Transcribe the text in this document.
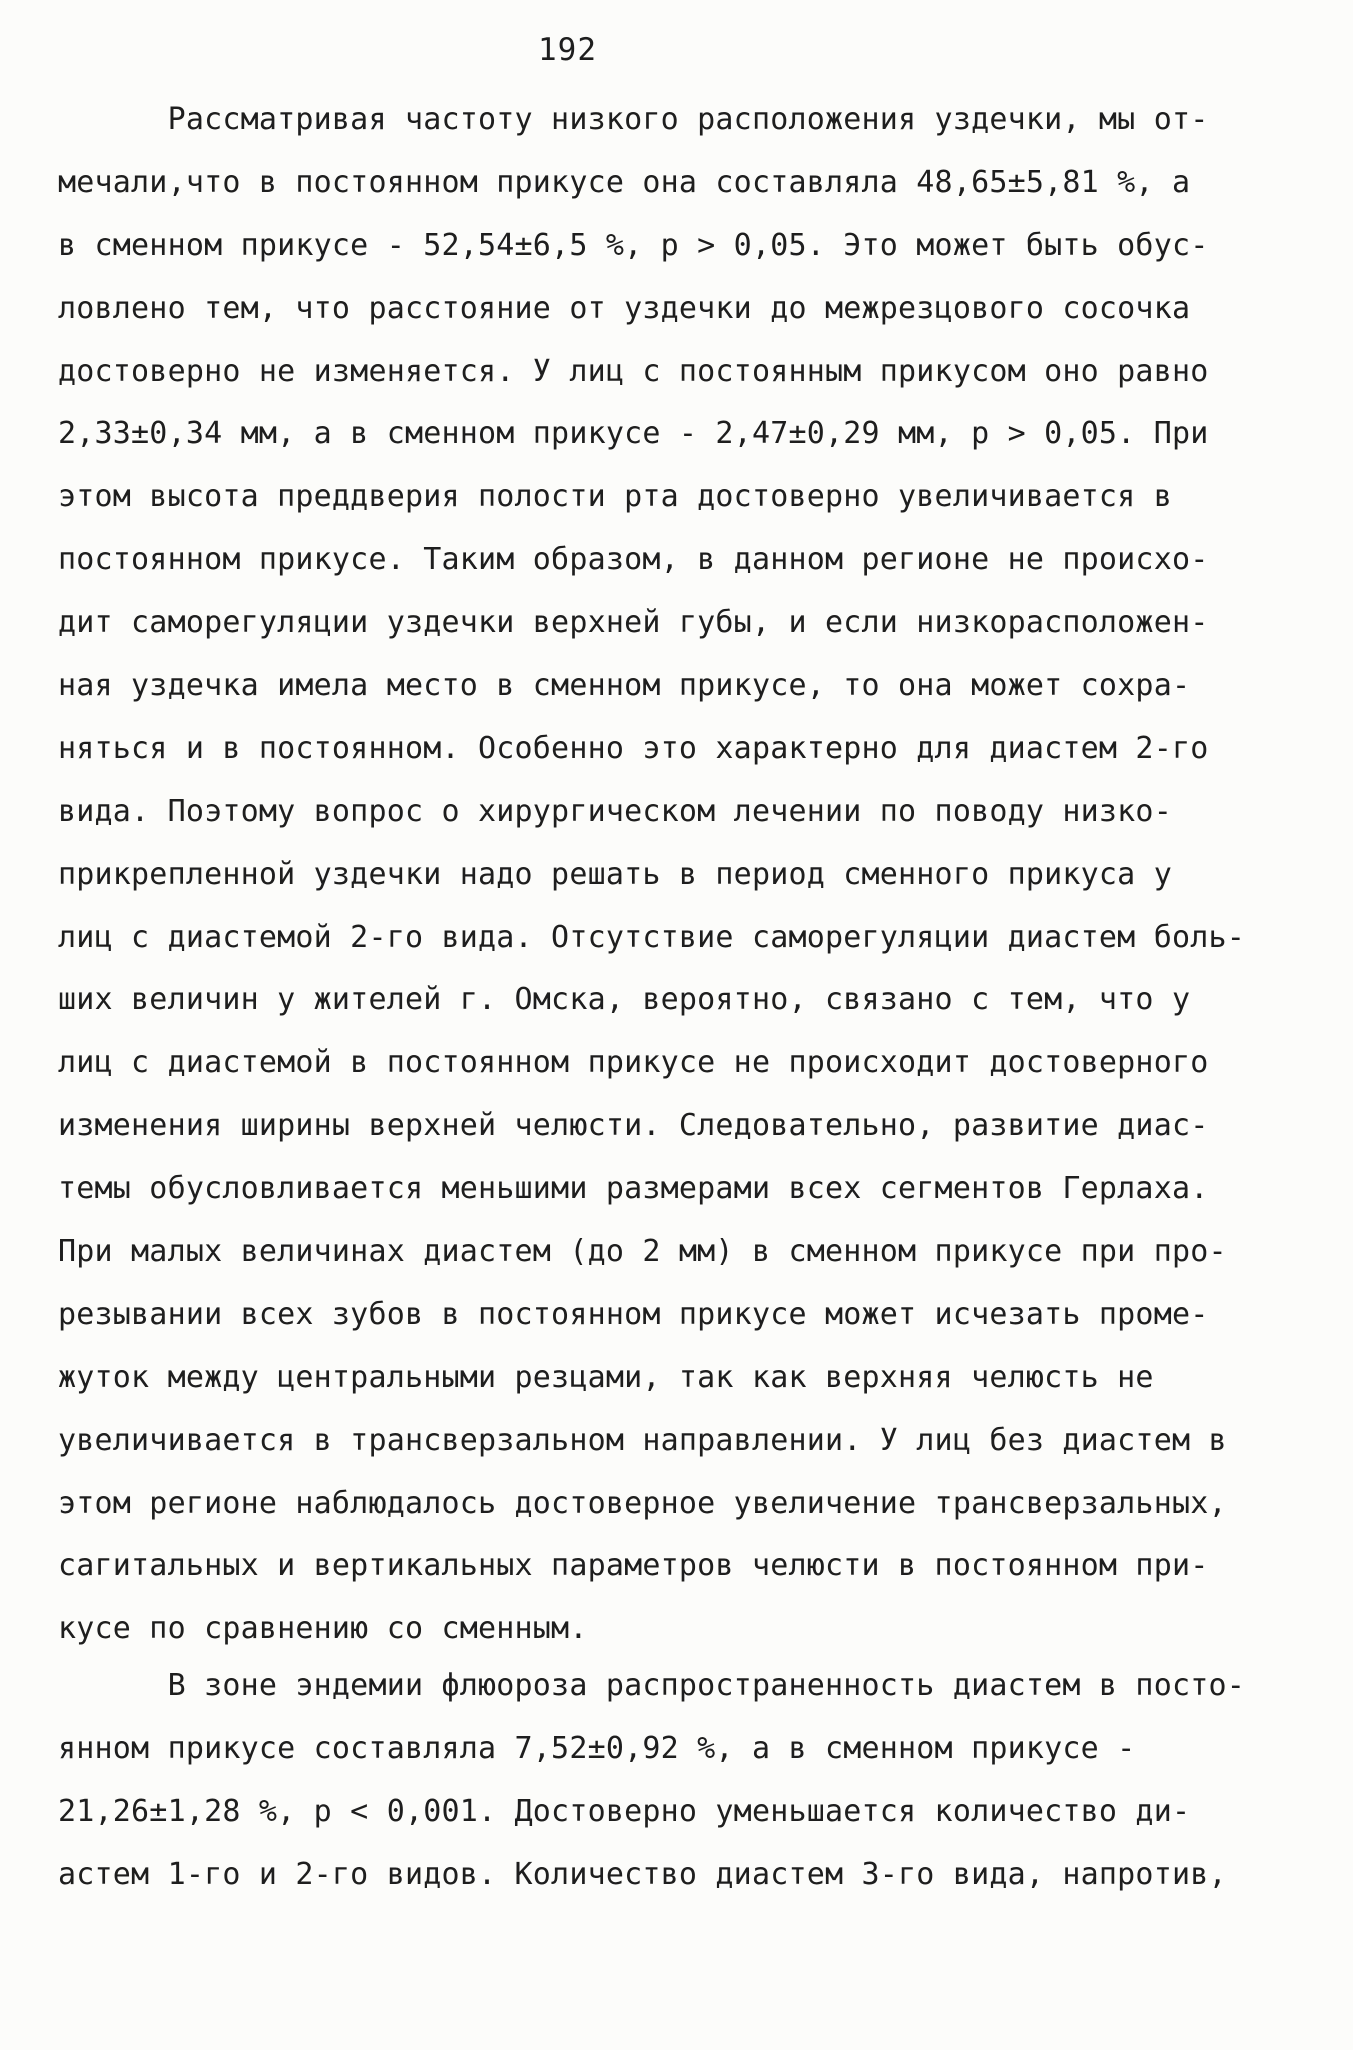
192
Рассматривая частоту низкого расположения уздечки, мы от-
мечали,что в постоянном прикусе она составляла 48,65±5,81 %, а
в сменном прикусе - 52,54±6,5 %, р > 0,05. Это может быть обус-
ловлено тем, что расстояние от уздечки до межрезцового сосочка
достоверно не изменяется. У лиц с постоянным прикусом оно равно
2,33±0,34 мм, а в сменном прикусе - 2,47±0,29 мм, р > 0,05. При
этом высота преддверия полости рта достоверно увеличивается в
постоянном прикусе. Таким образом, в данном регионе не происхо-
дит саморегуляции уздечки верхней губы, и если низкорасположен-
ная уздечка имела место в сменном прикусе, то она может сохра-
няться и в постоянном. Особенно это характерно для диастем 2-го
вида. Поэтому вопрос о хирургическом лечении по поводу низко-
прикрепленной уздечки надо решать в период сменного прикуса у
лиц с диастемой 2-го вида. Отсутствие саморегуляции диастем боль-
ших величин у жителей г. Омска, вероятно, связано с тем, что у
лиц с диастемой в постоянном прикусе не происходит достоверного
изменения ширины верхней челюсти. Следовательно, развитие диас-
темы обусловливается меньшими размерами всех сегментов Герлаха.
При малых величинах диастем (до 2 мм) в сменном прикусе при про-
резывании всех зубов в постоянном прикусе может исчезать проме-
жуток между центральными резцами, так как верхняя челюсть не
увеличивается в трансверзальном направлении. У лиц без диастем в
этом регионе наблюдалось достоверное увеличение трансверзальных,
сагитальных и вертикальных параметров челюсти в постоянном при-
кусе по сравнению со сменным.
В зоне эндемии флюороза распространенность диастем в посто-
янном прикусе составляла 7,52±0,92 %, а в сменном прикусе -
21,26±1,28 %, р < 0,001. Достоверно уменьшается количество ди-
астем 1-го и 2-го видов. Количество диастем 3-го вида, напротив,
